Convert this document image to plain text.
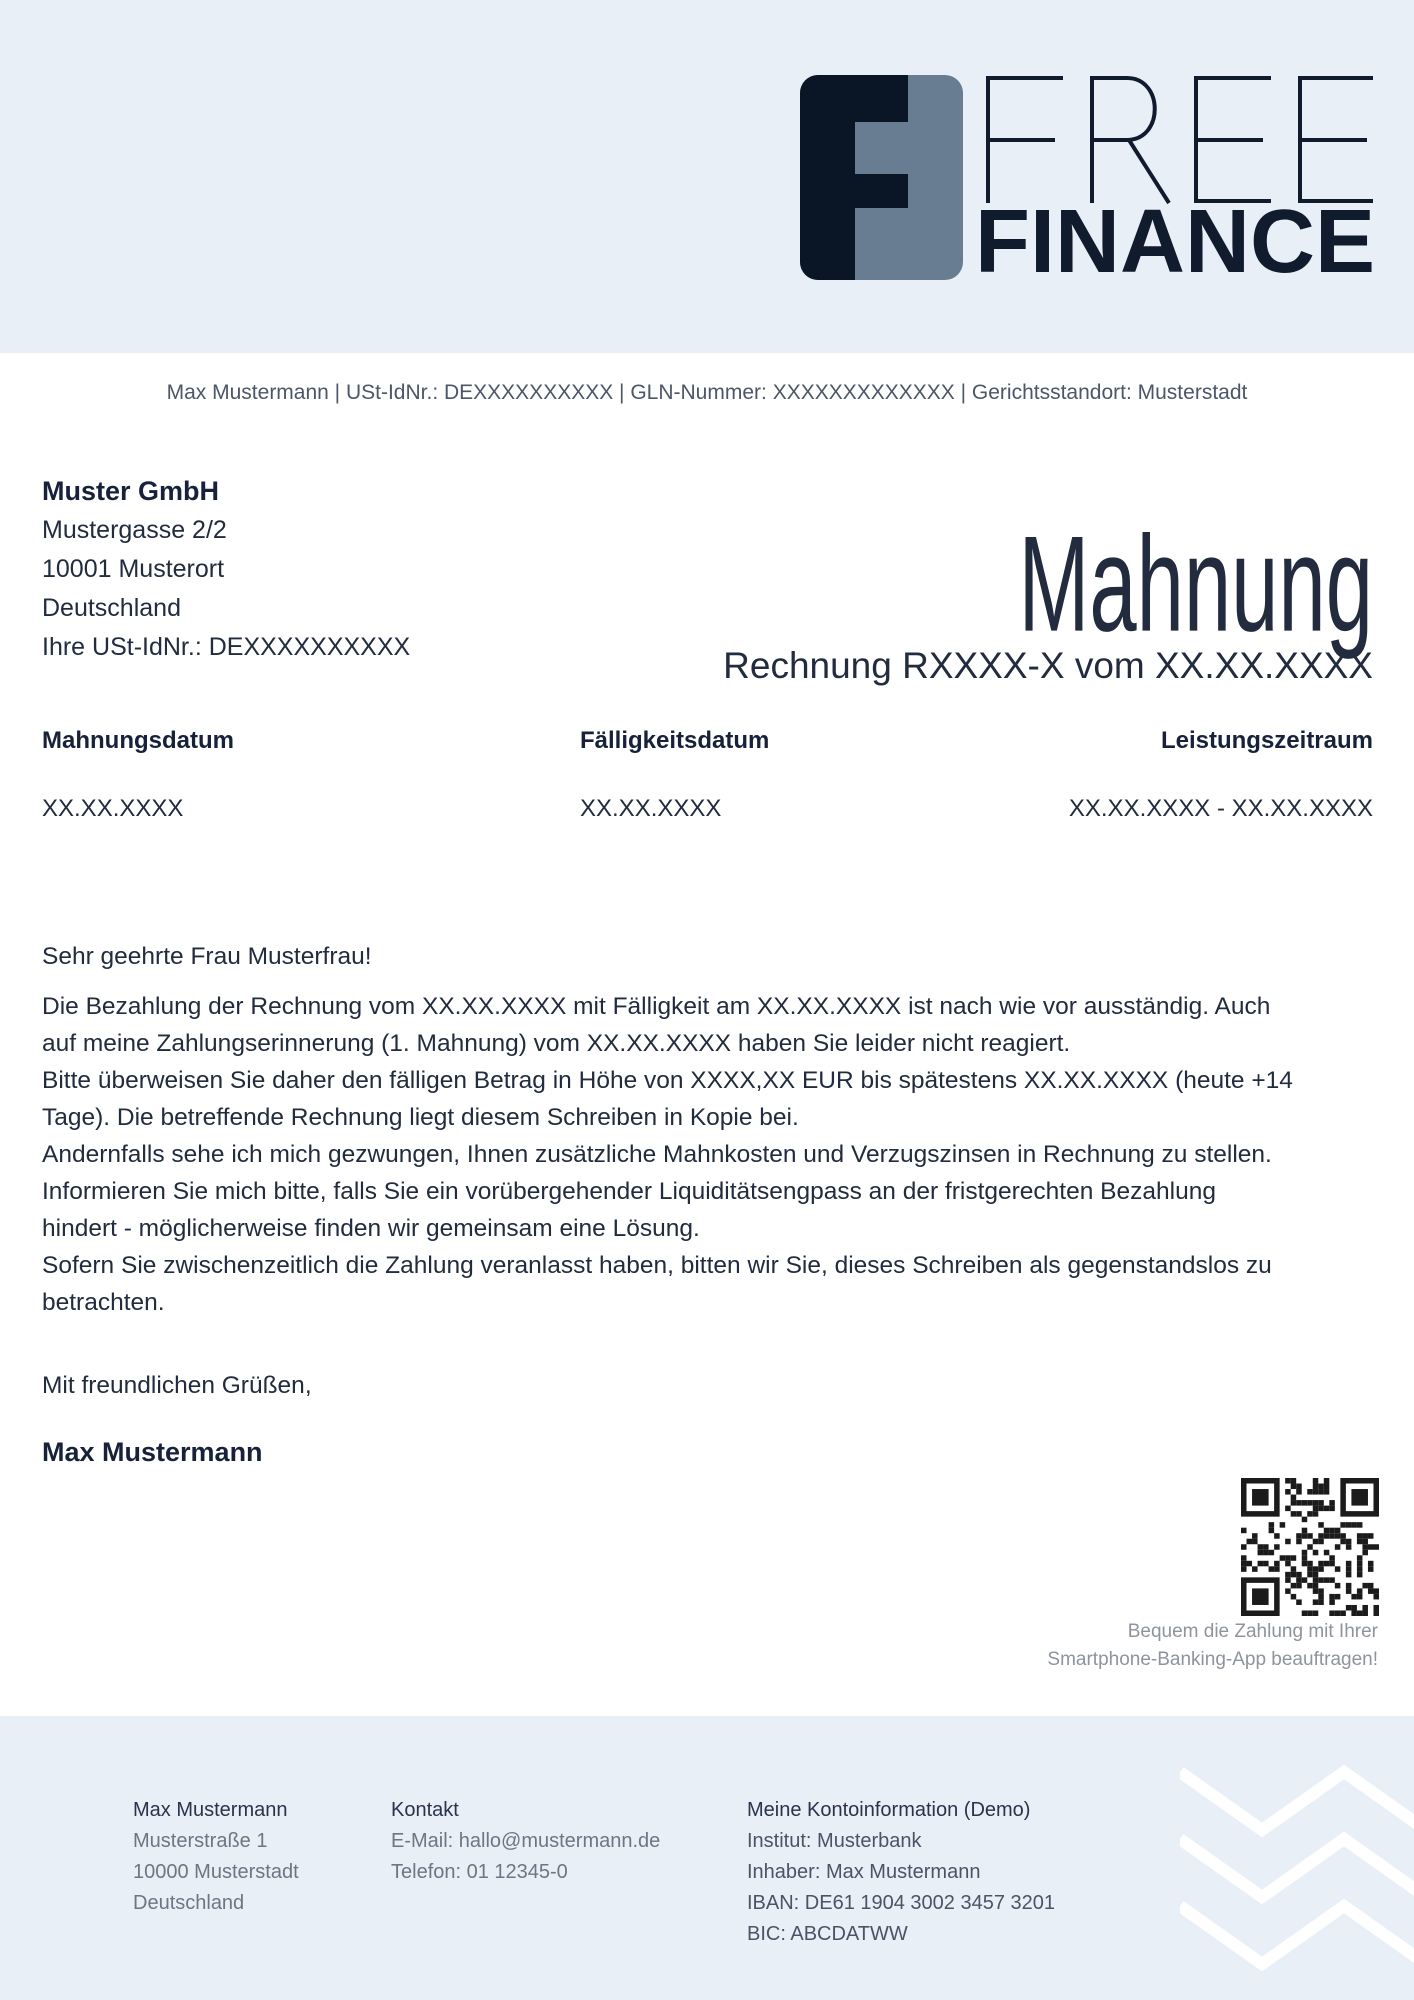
FINANCE
Max Mustermann | USt-IdNr.: DEXXXXXXXXXX | GLN-Nummer: XXXXXXXXXXXXX | Gerichtsstandort: Musterstadt
Muster GmbH
Mustergasse 2/2
10001 Musterort
Deutschland
Ihre USt-IdNr.: DEXXXXXXXXXX	Mahnung
Rechnung RXXXX-X vom XX.XX.XXXX
Mahnungsdatum
XX.XX.XXXX
Fälligkeitsdatum
XX.XX.XXXX
Leistungszeitraum
XX.XX.XXXX - XX.XX.XXXX
Sehr geehrte Frau Musterfrau!
Die Bezahlung der Rechnung vom XX.XX.XXXX mit Fälligkeit am XX.XX.XXXX ist nach wie vor ausständig. Auch
auf meine Zahlungserinnerung (1. Mahnung) vom XX.XX.XXXX haben Sie leider nicht reagiert.
Bitte überweisen Sie daher den fälligen Betrag in Höhe von XXXX,XX EUR bis spätestens XX.XX.XXXX (heute +14
Tage). Die betreffende Rechnung liegt diesem Schreiben in Kopie bei.
Andernfalls sehe ich mich gezwungen, Ihnen zusätzliche Mahnkosten und Verzugszinsen in Rechnung zu stellen.
Informieren Sie mich bitte, falls Sie ein vorübergehender Liquiditätsengpass an der fristgerechten Bezahlung
hindert - möglicherweise finden wir gemeinsam eine Lösung.
Sofern Sie zwischenzeitlich die Zahlung veranlasst haben, bitten wir Sie, dieses Schreiben als gegenstandslos zu
betrachten.
Mit freundlichen Grüßen,
Max Mustermann
Bequem die Zahlung mit Ihrer
Smartphone-Banking-App beauftragen!
Max Mustermann
Musterstraße 1
10000 Musterstadt
Deutschland
Kontakt
E-Mail: hallo@mustermann.de
Telefon: 01 12345-0
Meine Kontoinformation (Demo)
Institut: Musterbank
Inhaber: Max Mustermann
IBAN: DE61 1904 3002 3457 3201
BIC: ABCDATWW
